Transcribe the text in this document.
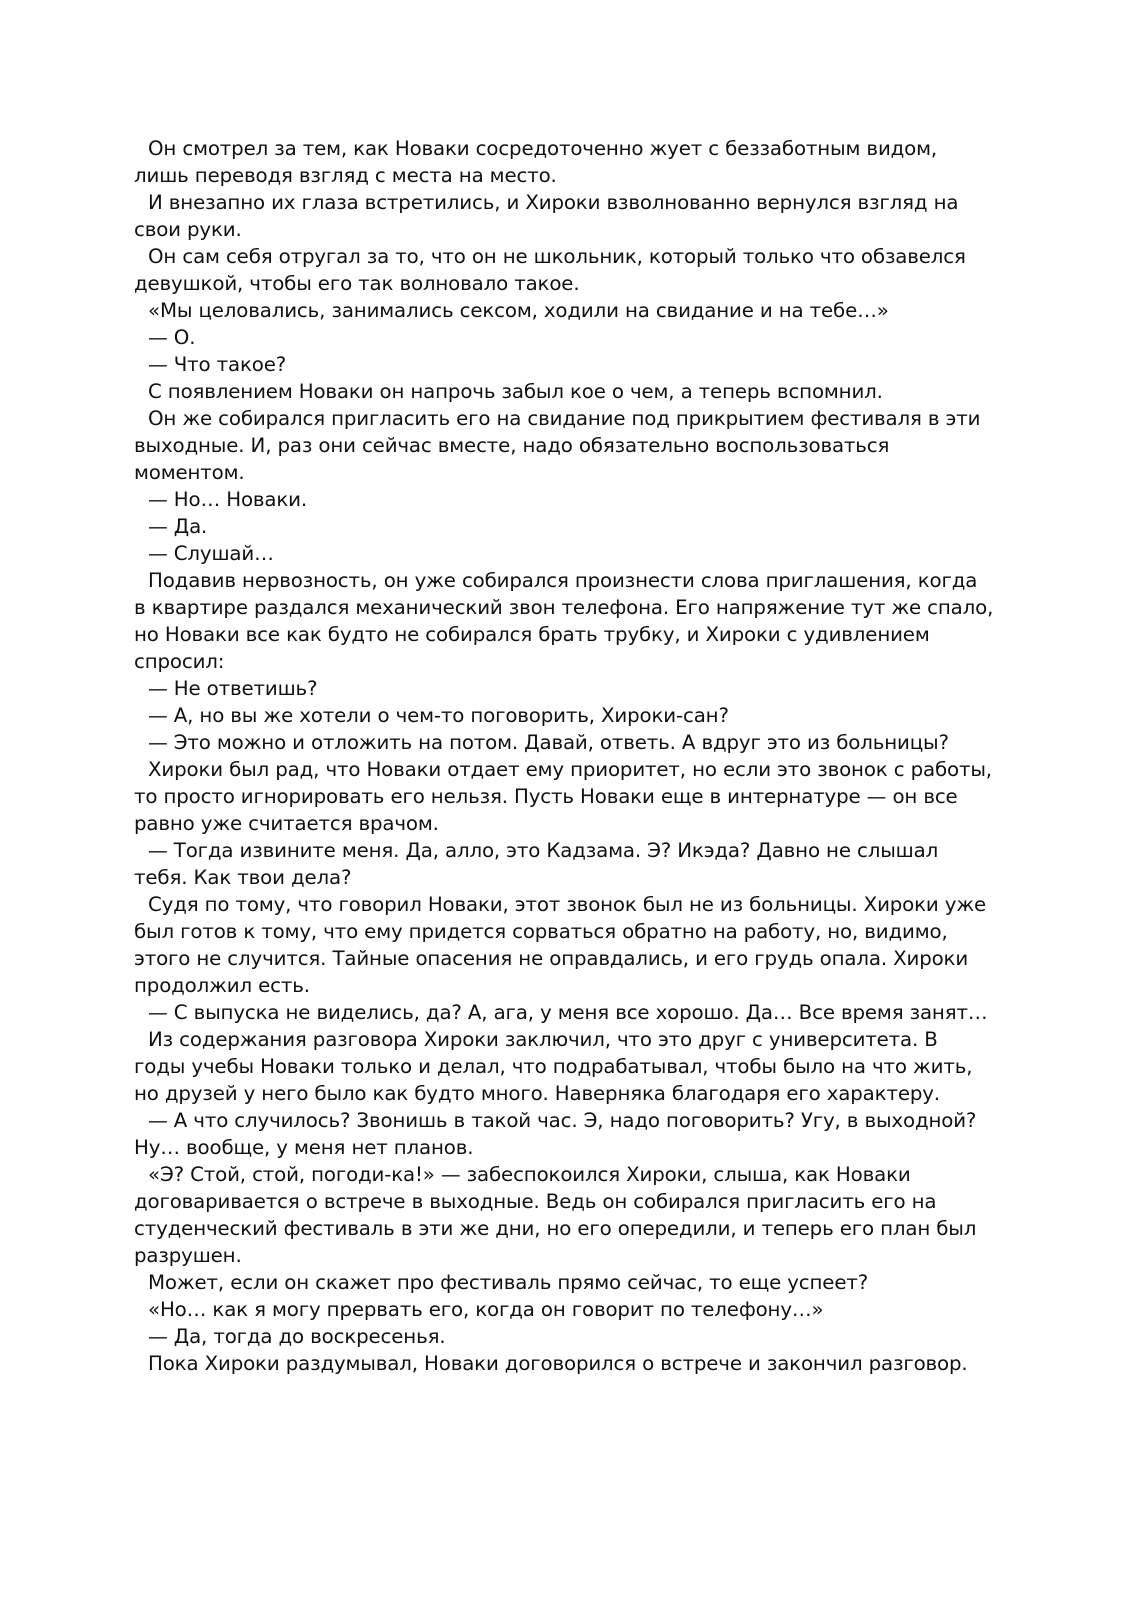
Он смотрел за тем, как Новаки сосредоточенно жует с беззаботным видом, лишь переводя взгляд с места на место.

И внезапно их глаза встретились, и Хироки взволнованно вернулся взгляд на свои руки.

Он сам себя отругал за то, что он не школьник, который только что обзавелся девушкой, чтобы его так волновало такое.

«Мы целовались, занимались сексом, ходили на свидание и на тебе…»

— О.

— Что такое?

С появлением Новаки он напрочь забыл кое о чем, а теперь вспомнил.

Он же собирался пригласить его на свидание под прикрытием фестиваля в эти выходные. И, раз они сейчас вместе, надо обязательно воспользоваться моментом.

— Но… Новаки.

— Да.

— Слушай…

Подавив нервозность, он уже собирался произнести слова приглашения, когда в квартире раздался механический звон телефона. Его напряжение тут же спало, но Новаки все как будто не собирался брать трубку, и Хироки с удивлением спросил:

— Не ответишь?

— А, но вы же хотели о чем-то поговорить, Хироки-сан?

— Это можно и отложить на потом. Давай, ответь. А вдруг это из больницы?

Хироки был рад, что Новаки отдает ему приоритет, но если это звонок с работы, то просто игнорировать его нельзя. Пусть Новаки еще в интернатуре — он все равно уже считается врачом.

— Тогда извините меня. Да, алло, это Кадзама. Э? Икэда? Давно не слышал тебя. Как твои дела?

Судя по тому, что говорил Новаки, этот звонок был не из больницы. Хироки уже был готов к тому, что ему придется сорваться обратно на работу, но, видимо, этого не случится. Тайные опасения не оправдались, и его грудь опала. Хироки продолжил есть.

— С выпуска не виделись, да? А, ага, у меня все хорошо. Да… Все время занят…

Из содержания разговора Хироки заключил, что это друг с университета. В годы учебы Новаки только и делал, что подрабатывал, чтобы было на что жить, но друзей у него было как будто много. Наверняка благодаря его характеру.

— А что случилось? Звонишь в такой час. Э, надо поговорить? Угу, в выходной? Ну… вообще, у меня нет планов.

«Э? Стой, стой, погоди-ка!» — забеспокоился Хироки, слыша, как Новаки договаривается о встрече в выходные. Ведь он собирался пригласить его на студенческий фестиваль в эти же дни, но его опередили, и теперь его план был разрушен.

Может, если он скажет про фестиваль прямо сейчас, то еще успеет?

«Но… как я могу прервать его, когда он говорит по телефону…»

— Да, тогда до воскресенья.

Пока Хироки раздумывал, Новаки договорился о встрече и закончил разговор.
